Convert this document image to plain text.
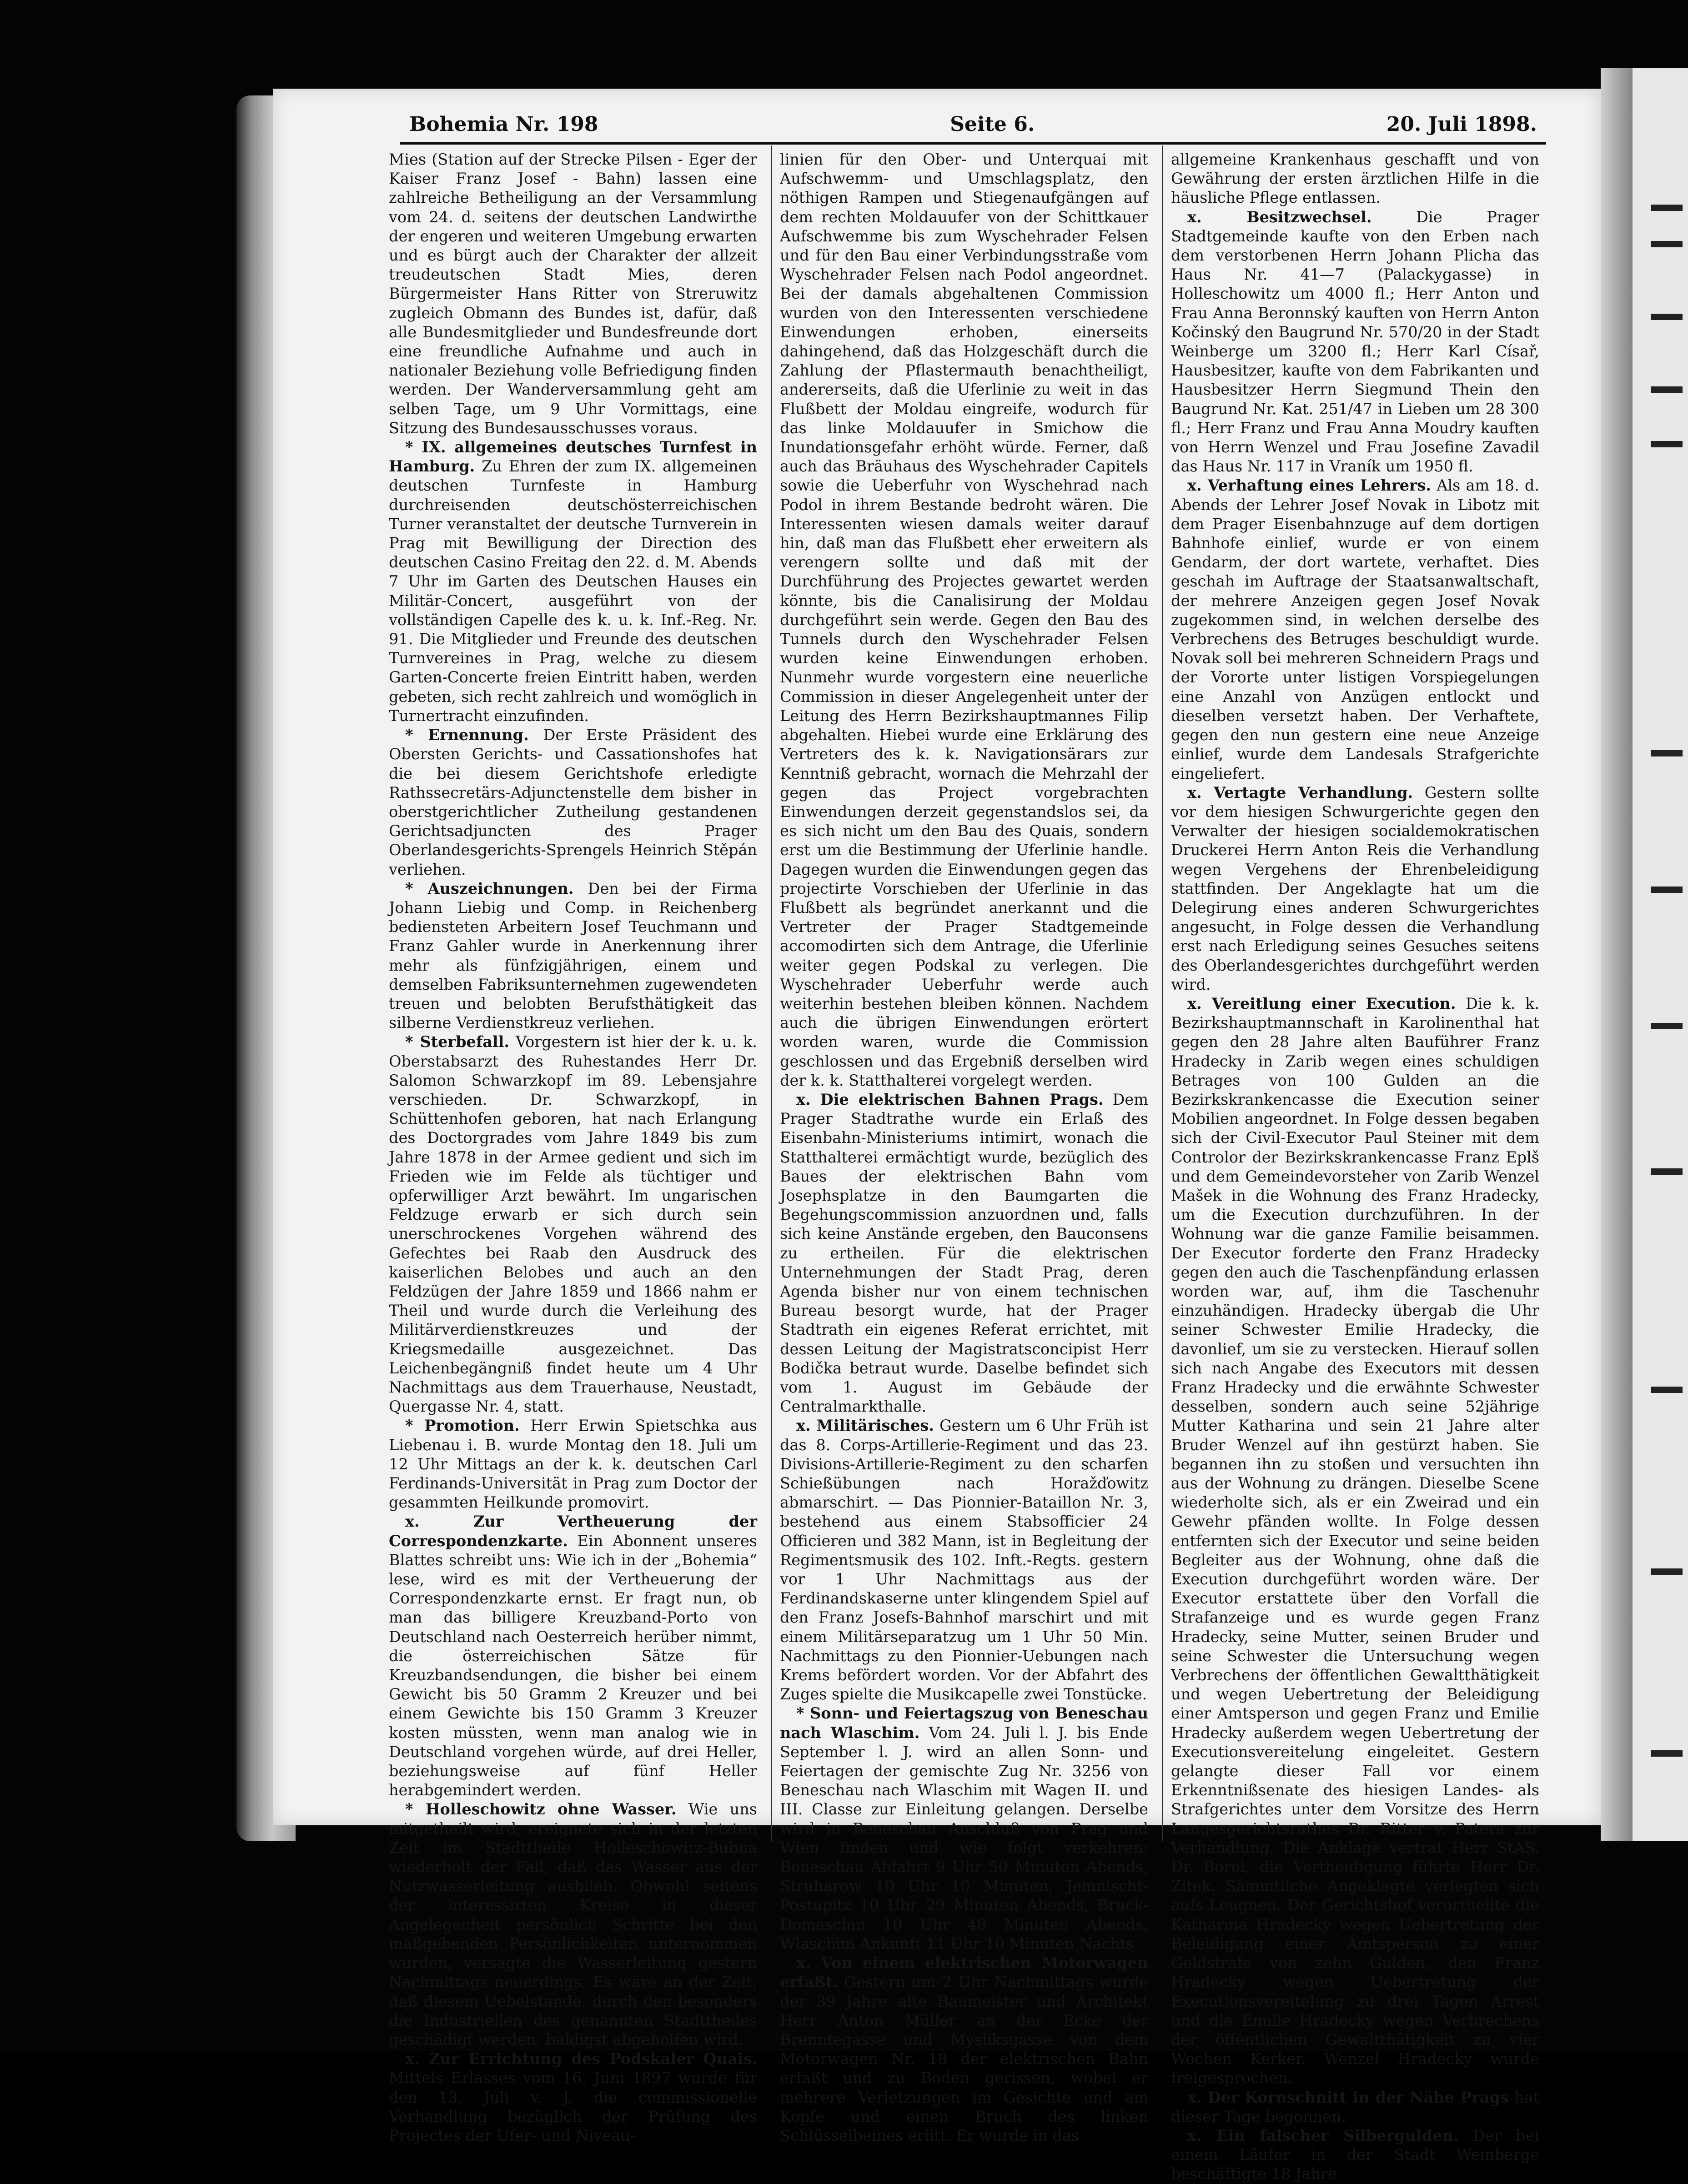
Bohemia Nr. 198	Seite 6.	20. Juli 1898.

Mies (Station auf der Strecke Pilsen - Eger der Kaiser Franz Josef - Bahn) lassen eine zahlreiche Betheiligung an der Versammlung vom 24. d. seitens der deutschen Landwirthe der engeren und weiteren Umgebung erwarten und es bürgt auch der Charakter der allzeit treudeutschen Stadt Mies, deren Bürgermeister Hans Ritter von Streruwitz zugleich Obmann des Bundes ist, dafür, daß alle Bundesmitglieder und Bundesfreunde dort eine freundliche Aufnahme und auch in nationaler Beziehung volle Befriedigung finden werden. Der Wanderversammlung geht am selben Tage, um 9 Uhr Vormittags, eine Sitzung des Bundesausschusses voraus.

* IX. allgemeines deutsches Turnfest in Hamburg. Zu Ehren der zum IX. allgemeinen deutschen Turnfeste in Hamburg durchreisenden deutschösterreichischen Turner veranstaltet der deutsche Turnverein in Prag mit Bewilligung der Direction des deutschen Casino Freitag den 22. d. M. Abends 7 Uhr im Garten des Deutschen Hauses ein Militär-Concert, ausgeführt von der vollständigen Capelle des k. u. k. Inf.-Reg. Nr. 91. Die Mitglieder und Freunde des deutschen Turnvereines in Prag, welche zu diesem Garten-Concerte freien Eintritt haben, werden gebeten, sich recht zahlreich und womöglich in Turnertracht einzufinden.

* Ernennung. Der Erste Präsident des Obersten Gerichts- und Cassationshofes hat die bei diesem Gerichtshofe erledigte Rathssecretärs-Adjunctenstelle dem bisher in oberstgerichtlicher Zutheilung gestandenen Gerichtsadjuncten des Prager Oberlandesgerichts-Sprengels Heinrich Stěpán verliehen.

* Auszeichnungen. Den bei der Firma Johann Liebig und Comp. in Reichenberg bediensteten Arbeitern Josef Teuchmann und Franz Gahler wurde in Anerkennung ihrer mehr als fünfzigjährigen, einem und demselben Fabriksunternehmen zugewendeten treuen und belobten Berufsthätigkeit das silberne Verdienstkreuz verliehen.

* Sterbefall. Vorgestern ist hier der k. u. k. Oberstabsarzt des Ruhestandes Herr Dr. Salomon Schwarzkopf im 89. Lebensjahre verschieden. Dr. Schwarzkopf, in Schüttenhofen geboren, hat nach Erlangung des Doctorgrades vom Jahre 1849 bis zum Jahre 1878 in der Armee gedient und sich im Frieden wie im Felde als tüchtiger und opferwilliger Arzt bewährt. Im ungarischen Feldzuge erwarb er sich durch sein unerschrockenes Vorgehen während des Gefechtes bei Raab den Ausdruck des kaiserlichen Belobes und auch an den Feldzügen der Jahre 1859 und 1866 nahm er Theil und wurde durch die Verleihung des Militärverdienstkreuzes und der Kriegsmedaille ausgezeichnet. Das Leichenbegängniß findet heute um 4 Uhr Nachmittags aus dem Trauerhause, Neustadt, Quergasse Nr. 4, statt.

* Promotion. Herr Erwin Spietschka aus Liebenau i. B. wurde Montag den 18. Juli um 12 Uhr Mittags an der k. k. deutschen Carl Ferdinands-Universität in Prag zum Doctor der gesammten Heilkunde promovirt.

x. Zur Vertheuerung der Correspondenzkarte. Ein Abonnent unseres Blattes schreibt uns: Wie ich in der „Bohemia“ lese, wird es mit der Vertheuerung der Correspondenzkarte ernst. Er fragt nun, ob man das billigere Kreuzband-Porto von Deutschland nach Oesterreich herüber nimmt, die österreichischen Sätze für Kreuzbandsendungen, die bisher bei einem Gewicht bis 50 Gramm 2 Kreuzer und bei einem Gewichte bis 150 Gramm 3 Kreuzer kosten müssten, wenn man analog wie in Deutschland vorgehen würde, auf drei Heller, beziehungsweise auf fünf Heller herabgemindert werden.

* Holleschowitz ohne Wasser. Wie uns mitgetheilt wird, ereignete sich in der letzten Zeit im Stadttheile Holleschowitz-Bubna wiederholt der Fall, daß das Wasser aus der Nutzwasserleitung ausblieb. Obwohl seitens der interessirten Kreise in dieser Angelegenheit persönlich Schritte bei den maßgebenden Persönlichkeiten unternommen wurden, versagte die Wasserleitung gestern Nachmittags neuerdings. Es wäre an der Zeit, daß diesem Uebelstande, durch den besonders die Industriellen des genannten Stadttheiles geschädigt werden, baldigst abgeholfen wird.

x. Zur Errichtung des Podskaler Quais. Mittels Erlasses vom 16. Juni 1897 wurde für den 13. Juli v. J. die commissionelle Verhandlung bezüglich der Prüfung des Projectes der Ufer- und Niveau-

linien für den Ober- und Unterquai mit Aufschwemm- und Umschlagsplatz, den nöthigen Rampen und Stiegenaufgängen auf dem rechten Moldauufer von der Schittkauer Aufschwemme bis zum Wyschehrader Felsen und für den Bau einer Verbindungsstraße vom Wyschehrader Felsen nach Podol angeordnet. Bei der damals abgehaltenen Commission wurden von den Interessenten verschiedene Einwendungen erhoben, einerseits dahingehend, daß das Holzgeschäft durch die Zahlung der Pflastermauth benachtheiligt, andererseits, daß die Uferlinie zu weit in das Flußbett der Moldau eingreife, wodurch für das linke Moldauufer in Smichow die Inundationsgefahr erhöht würde. Ferner, daß auch das Bräuhaus des Wyschehrader Capitels sowie die Ueberfuhr von Wyschehrad nach Podol in ihrem Bestande bedroht wären. Die Interessenten wiesen damals weiter darauf hin, daß man das Flußbett eher erweitern als verengern sollte und daß mit der Durchführung des Projectes gewartet werden könnte, bis die Canalisirung der Moldau durchgeführt sein werde. Gegen den Bau des Tunnels durch den Wyschehrader Felsen wurden keine Einwendungen erhoben. Nunmehr wurde vorgestern eine neuerliche Commission in dieser Angelegenheit unter der Leitung des Herrn Bezirkshauptmannes Filip abgehalten. Hiebei wurde eine Erklärung des Vertreters des k. k. Navigationsärars zur Kenntniß gebracht, wornach die Mehrzahl der gegen das Project vorgebrachten Einwendungen derzeit gegenstandslos sei, da es sich nicht um den Bau des Quais, sondern erst um die Bestimmung der Uferlinie handle. Dagegen wurden die Einwendungen gegen das projectirte Vorschieben der Uferlinie in das Flußbett als begründet anerkannt und die Vertreter der Prager Stadtgemeinde accomodirten sich dem Antrage, die Uferlinie weiter gegen Podskal zu verlegen. Die Wyschehrader Ueberfuhr werde auch weiterhin bestehen bleiben können. Nachdem auch die übrigen Einwendungen erörtert worden waren, wurde die Commission geschlossen und das Ergebniß derselben wird der k. k. Statthalterei vorgelegt werden.

x. Die elektrischen Bahnen Prags. Dem Prager Stadtrathe wurde ein Erlaß des Eisenbahn-Ministeriums intimirt, wonach die Statthalterei ermächtigt wurde, bezüglich des Baues der elektrischen Bahn vom Josephsplatze in den Baumgarten die Begehungscommission anzuordnen und, falls sich keine Anstände ergeben, den Bauconsens zu ertheilen. Für die elektrischen Unternehmungen der Stadt Prag, deren Agenda bisher nur von einem technischen Bureau besorgt wurde, hat der Prager Stadtrath ein eigenes Referat errichtet, mit dessen Leitung der Magistratsconcipist Herr Bodička betraut wurde. Daselbe befindet sich vom 1. August im Gebäude der Centralmarkthalle.

x. Militärisches. Gestern um 6 Uhr Früh ist das 8. Corps-Artillerie-Regiment und das 23. Divisions-Artillerie-Regiment zu den scharfen Schießübungen nach Horažďowitz abmarschirt. — Das Pionnier-Bataillon Nr. 3, bestehend aus einem Stabsofficier 24 Officieren und 382 Mann, ist in Begleitung der Regimentsmusik des 102. Inft.-Regts. gestern vor 1 Uhr Nachmittags aus der Ferdinandskaserne unter klingendem Spiel auf den Franz Josefs-Bahnhof marschirt und mit einem Militärseparatzug um 1 Uhr 50 Min. Nachmittags zu den Pionnier-Uebungen nach Krems befördert worden. Vor der Abfahrt des Zuges spielte die Musikcapelle zwei Tonstücke.

* Sonn- und Feiertagszug von Beneschau nach Wlaschim. Vom 24. Juli l. J. bis Ende September l. J. wird an allen Sonn- und Feiertagen der gemischte Zug Nr. 3256 von Beneschau nach Wlaschim mit Wagen II. und III. Classe zur Einleitung gelangen. Derselbe wird in Beneschau Anschluß von Prag und Wien finden und wie folgt verkehren: Beneschau Abfahrt 9 Uhr 50 Minuten Abends, Struharow 10 Uhr 10 Minuten, Jemnischt-Postupitz 10 Uhr 29 Minuten Abends, Bruck-Domaschin 10 Uhr 48 Minuten Abends, Wlaschim Ankunft 11 Uhr 10 Minuten Nachts.

x. Von einem elektrischen Motorwagen erfaßt. Gestern um 2 Uhr Nachmittags wurde der 39 Jahre alte Baumeister und Architekt Herr Anton Müller an der Ecke der Brenntegasse und Mysliksgasse von dem Motorwagen Nr. 18 der elektrischen Bahn erfaßt und zu Boden gerissen, wobei er mehrere Verletzungen im Gesichte und am Kopfe und einen Bruch des linken Schlüsselbeines erlitt. Er wurde in das

allgemeine Krankenhaus geschafft und von Gewährung der ersten ärztlichen Hilfe in die häusliche Pflege entlassen.

x. Besitzwechsel.	Die Prager Stadtgemeinde kaufte von den Erben nach dem verstorbenen Herrn Johann Plicha das Haus Nr. 41—7 (Palackygasse) in Holleschowitz um 4000 fl.; Herr Anton und Frau Anna Beronnský kauften von Herrn Anton Kočinský den Baugrund Nr. 570/20 in der Stadt Weinberge um 3200 fl.; Herr Karl Císař, Hausbesitzer, kaufte von dem Fabrikanten und Hausbesitzer Herrn Siegmund Thein den Baugrund Nr. Kat. 251/47 in Lieben um 28 300 fl.; Herr Franz und Frau Anna Moudry kauften von Herrn Wenzel und Frau Josefine Zavadil das Haus Nr. 117 in Vraník um 1950 fl.

x. Verhaftung eines Lehrers. Als am 18. d. Abends der Lehrer Josef Novak in Libotz mit dem Prager Eisenbahnzuge auf dem dortigen Bahnhofe einlief, wurde er von einem Gendarm, der dort wartete, verhaftet. Dies geschah im Auftrage der Staatsanwaltschaft, der mehrere Anzeigen gegen Josef Novak zugekommen sind, in welchen derselbe des Verbrechens des Betruges beschuldigt wurde. Novak soll bei mehreren Schneidern Prags und der Vororte unter listigen Vorspiegelungen eine Anzahl von Anzügen entlockt und dieselben versetzt haben. Der Verhaftete, gegen den nun gestern eine neue Anzeige einlief, wurde dem Landesals Strafgerichte eingeliefert.

x. Vertagte Verhandlung. Gestern sollte vor dem hiesigen Schwurgerichte gegen den Verwalter der hiesigen socialdemokratischen Druckerei Herrn Anton Reis die Verhandlung wegen Vergehens der Ehrenbeleidigung stattfinden. Der Angeklagte hat um die Delegirung eines anderen Schwurgerichtes angesucht, in Folge dessen die Verhandlung erst nach Erledigung seines Gesuches seitens des Oberlandesgerichtes durchgeführt werden wird.

x. Vereitlung einer Execution. Die k. k. Bezirkshauptmannschaft in Karolinenthal hat gegen den 28 Jahre alten Bauführer Franz Hradecky in Zarib wegen eines schuldigen Betrages von 100 Gulden an die Bezirkskrankencasse die Execution seiner Mobilien angeordnet. In Folge dessen begaben sich der Civil-Executor Paul Steiner mit dem Controlor der Bezirkskrankencasse Franz Eplš und dem Gemeindevorsteher von Zarib Wenzel Mašek in die Wohnung des Franz Hradecky, um die Execution durchzuführen. In der Wohnung war die ganze Familie beisammen. Der Executor forderte den Franz Hradecky gegen den auch die Taschenpfändung erlassen worden war, auf, ihm die Taschenuhr einzuhändigen. Hradecky übergab die Uhr seiner Schwester Emilie Hradecky, die davonlief, um sie zu verstecken. Hierauf sollen sich nach Angabe des Executors mit dessen Franz Hradecky und die erwähnte Schwester desselben, sondern auch seine 52jährige Mutter Katharina und sein 21 Jahre alter Bruder Wenzel auf ihn gestürzt haben. Sie begannen ihn zu stoßen und versuchten ihn aus der Wohnung zu drängen. Dieselbe Scene wiederholte sich, als er ein Zweirad und ein Gewehr pfänden wollte. In Folge dessen entfernten sich der Executor und seine beiden Begleiter aus der Wohnung, ohne daß die Execution durchgeführt worden wäre. Der Executor erstattete über den Vorfall die Strafanzeige und es wurde gegen Franz Hradecky, seine Mutter, seinen Bruder und seine Schwester die Untersuchung wegen Verbrechens der öffentlichen Gewaltthätigkeit und wegen Uebertretung der Beleidigung einer Amtsperson und gegen Franz und Emilie Hradecky außerdem wegen Uebertretung der Executionsvereitelung eingeleitet. Gestern gelangte dieser Fall vor einem Erkenntnißsenate des hiesigen Landes- als Strafgerichtes unter dem Vorsitze des Herrn Langesgerichtsrathes Dr. Ritter v. Patera zur Verhandlung. Die Anklage vertrat Herr StAS. Dr. Borel, die Vertheidigung führte Herr Dr. Zitek. Sämmtliche Angeklagte verlegten sich aufs Leugnen. Der Gerichtshof verurtheilte die Katharina Hradecky wegen Uebertretung der Beleidigung einer Amtsperson zu einer Geldstrafe von zehn Gulden, den Franz Hradecky wegen Uebertretung der Executionsvereitelung zu drei Tagen Arrest und die Emilie Hradecky wegen Verbrechens der öffentlichen Gewaltthätigkeit zu vier Wochen Kerker. Wenzel Hradecky wurde freigesprochen.

x. Der Kornschnitt in der Nähe Prags hat dieser Tage begonnen.

x. Ein falscher Silbergulden. Der bei einem Läufer in der Stadt Weinberge beschäftigte 18 Jahre
